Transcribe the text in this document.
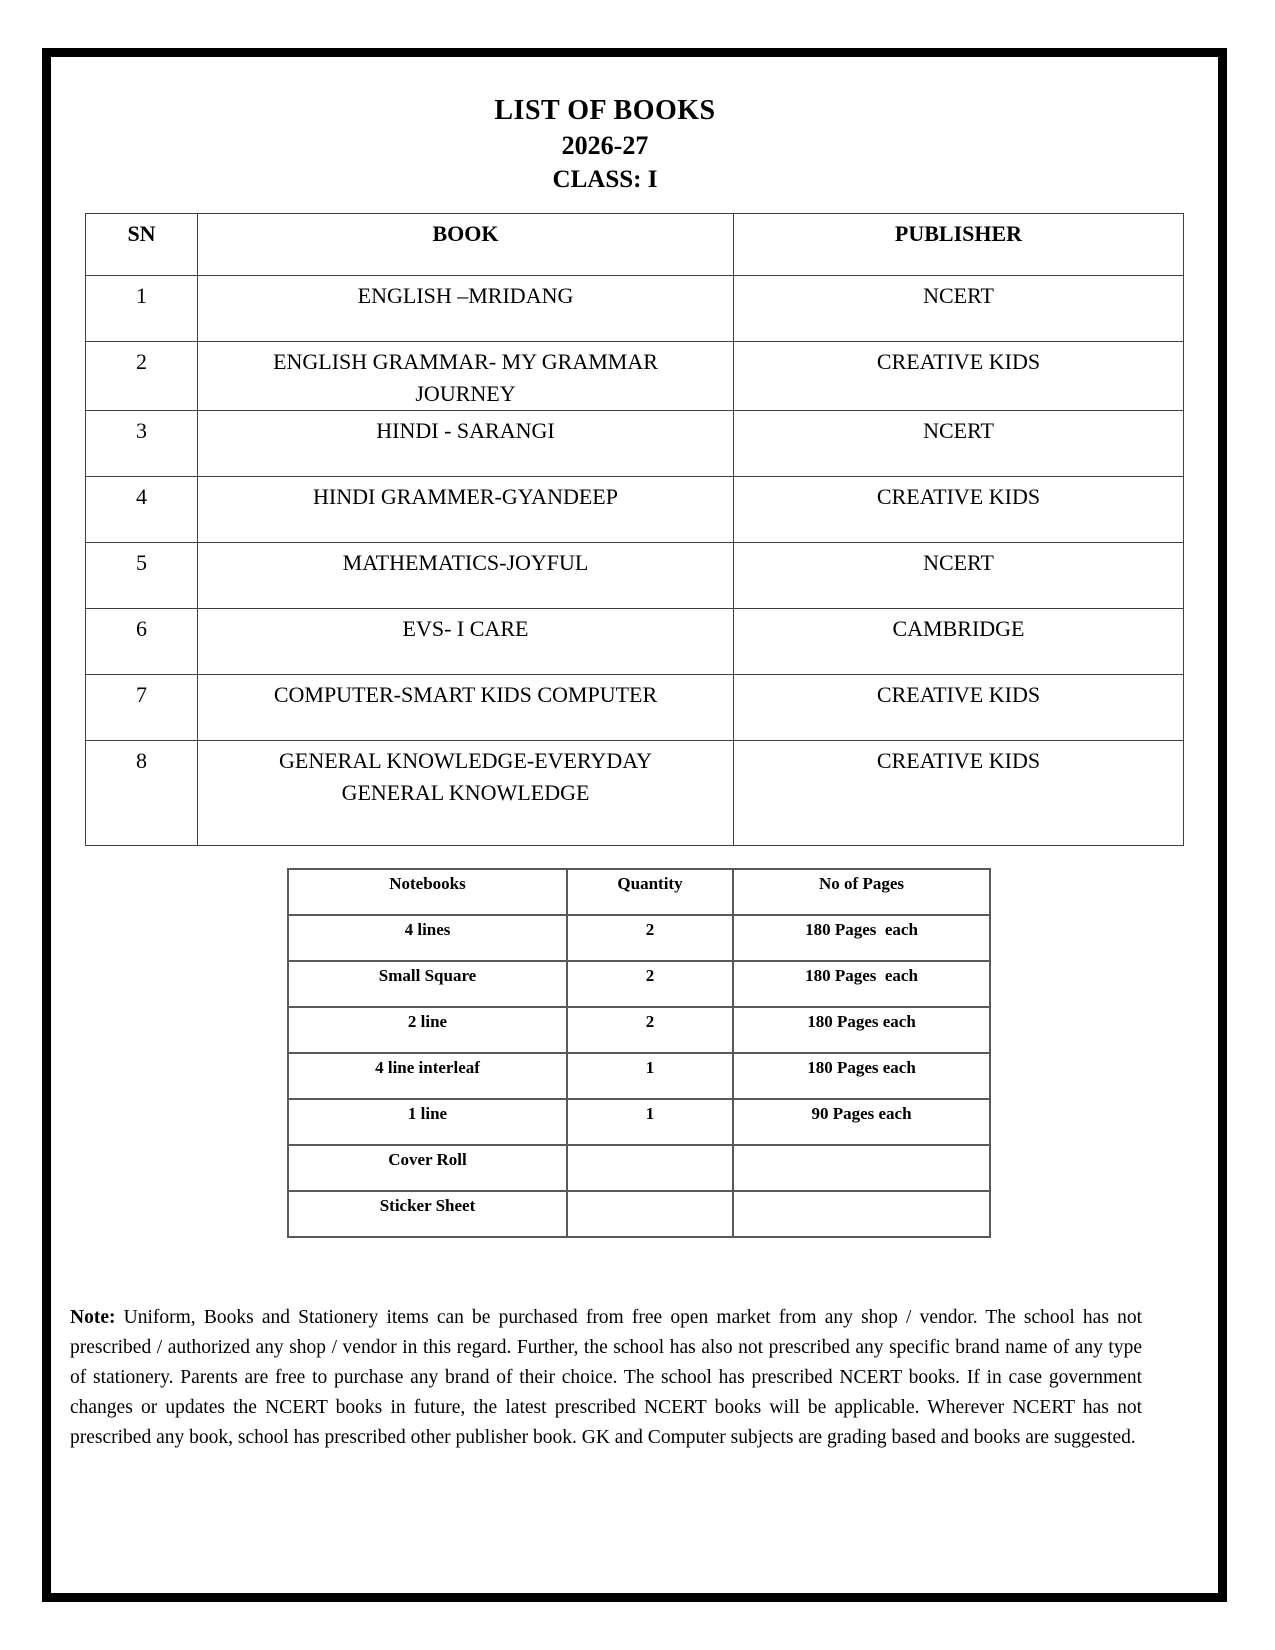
LIST OF BOOKS
2026-27
CLASS: I
SN	BOOK	PUBLISHER
1	ENGLISH –MRIDANG	NCERT
2	ENGLISH GRAMMAR- MY GRAMMAR JOURNEY	CREATIVE KIDS
3	HINDI - SARANGI	NCERT
4	HINDI GRAMMER-GYANDEEP	CREATIVE KIDS
5	MATHEMATICS-JOYFUL	NCERT
6	EVS- I CARE	CAMBRIDGE
7	COMPUTER-SMART KIDS COMPUTER	CREATIVE KIDS
8	GENERAL KNOWLEDGE-EVERYDAY GENERAL KNOWLEDGE	CREATIVE KIDS
Notebooks	Quantity	No of Pages
4 lines	2	180 Pages  each
Small Square	2	180 Pages  each
2 line	2	180 Pages each
4 line interleaf	1	180 Pages each
1 line	1	90 Pages each
Cover Roll		
Sticker Sheet		

Note: Uniform, Books and Stationery items can be purchased from free open market from any shop / vendor. The school has not prescribed / authorized any shop / vendor in this regard. Further, the school has also not prescribed any specific brand name of any type of stationery. Parents are free to purchase any brand of their choice. The school has prescribed NCERT books. If in case government changes or updates the NCERT books in future, the latest prescribed NCERT books will be applicable. Wherever NCERT has not prescribed any book, school has prescribed other publisher book. GK and Computer subjects are grading based and books are suggested.
